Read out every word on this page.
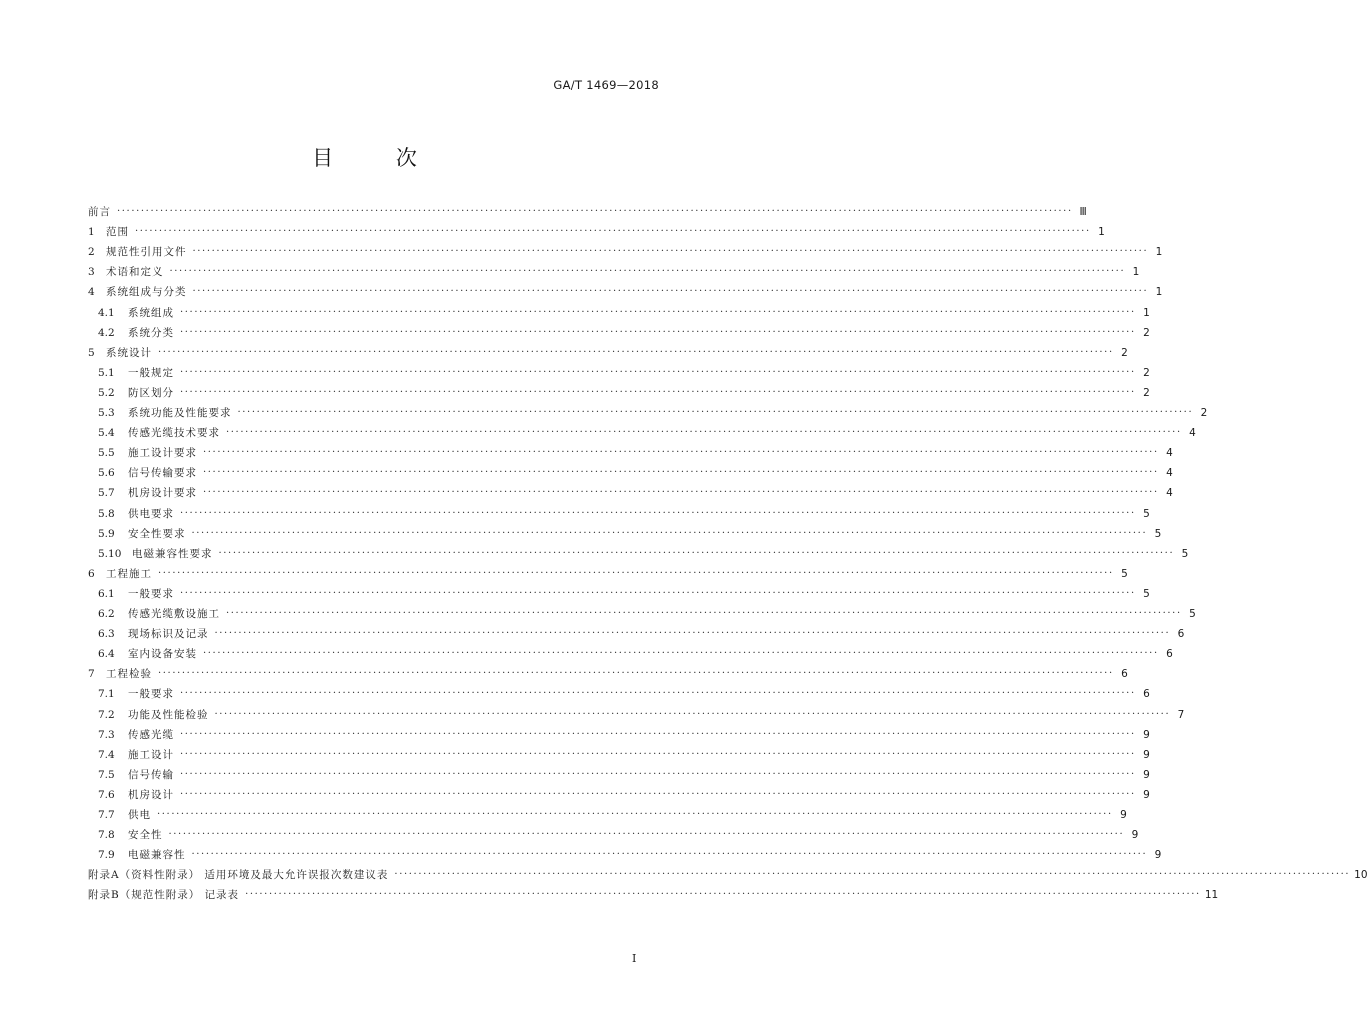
GA/T 1469—2018
目 次
前言 ········································································································································································································ Ⅲ
1	范围 ········································································································································································································ 1
2	规范性引用文件 ········································································································································································································ 1
3	术语和定义 ········································································································································································································ 1
4	系统组成与分类 ········································································································································································································ 1
4.1	系统组成 ········································································································································································································ 1
4.2	系统分类 ········································································································································································································ 2
5	系统设计 ········································································································································································································ 2
5.1	一般规定 ········································································································································································································ 2
5.2	防区划分 ········································································································································································································ 2
5.3	系统功能及性能要求 ········································································································································································································ 2
5.4	传感光缆技术要求 ········································································································································································································ 4
5.5	施工设计要求 ········································································································································································································ 4
5.6	信号传输要求 ········································································································································································································ 4
5.7	机房设计要求 ········································································································································································································ 4
5.8	供电要求 ········································································································································································································ 5
5.9	安全性要求 ········································································································································································································ 5
5.10	电磁兼容性要求 ········································································································································································································ 5
6	工程施工 ········································································································································································································ 5
6.1	一般要求 ········································································································································································································ 5
6.2	传感光缆敷设施工 ········································································································································································································ 5
6.3	现场标识及记录 ········································································································································································································ 6
6.4	室内设备安装 ········································································································································································································ 6
7	工程检验 ········································································································································································································ 6
7.1	一般要求 ········································································································································································································ 6
7.2	功能及性能检验 ········································································································································································································ 7
7.3	传感光缆 ········································································································································································································ 9
7.4	施工设计 ········································································································································································································ 9
7.5	信号传输 ········································································································································································································ 9
7.6	机房设计 ········································································································································································································ 9
7.7	供电 ········································································································································································································ 9
7.8	安全性 ········································································································································································································ 9
7.9	电磁兼容性 ········································································································································································································ 9
附录A（资料性附录） 适用环境及最大允许误报次数建议表 ········································································································································································································ 10
附录B（规范性附录） 记录表 ········································································································································································································ 11
I
